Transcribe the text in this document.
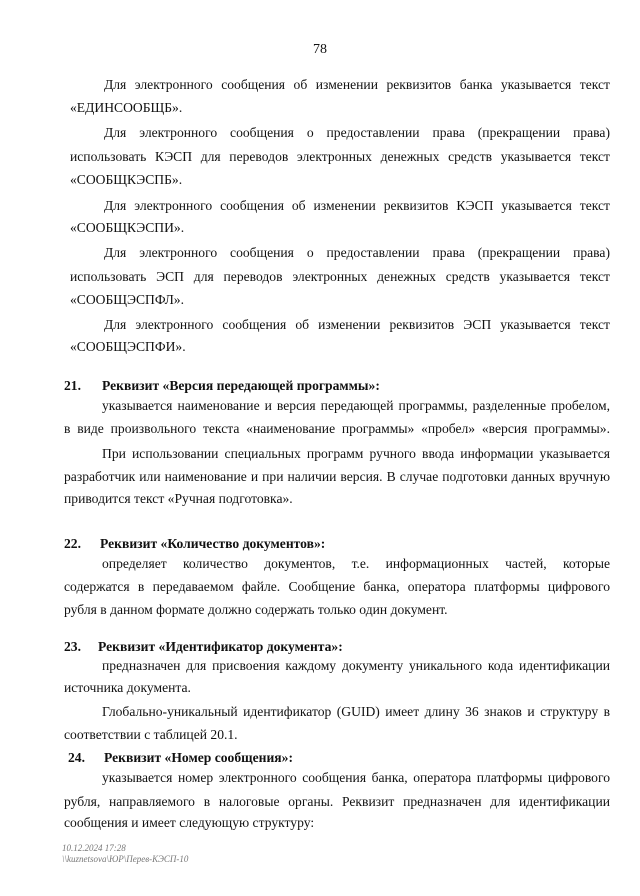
78
Для электронного сообщения об изменении реквизитов банка указывается текст
«ЕДИНСООБЩБ».
Для электронного сообщения о предоставлении права (прекращении права)
использовать КЭСП для переводов электронных денежных средств указывается текст
«СООБЩКЭСПБ».
Для электронного сообщения об изменении реквизитов КЭСП указывается текст
«СООБЩКЭСПИ».
Для электронного сообщения о предоставлении права (прекращении права)
использовать ЭСП для переводов электронных денежных средств указывается текст
«СООБЩЭСПФЛ».
Для электронного сообщения об изменении реквизитов ЭСП указывается текст
«СООБЩЭСПФИ».
21. Реквизит «Версия передающей программы»:
указывается наименование и версия передающей программы, разделенные пробелом,
в виде произвольного текста «наименование программы» «пробел» «версия программы».
При использовании специальных программ ручного ввода информации указывается
разработчик или наименование и при наличии версия. В случае подготовки данных вручную
приводится текст «Ручная подготовка».
22. Реквизит «Количество документов»:
определяет количество документов, т.е. информационных частей, которые
содержатся в передаваемом файле. Сообщение банка, оператора платформы цифрового
рубля в данном формате должно содержать только один документ.
23. Реквизит «Идентификатор документа»:
предназначен для присвоения каждому документу уникального кода идентификации
источника документа.
Глобально-уникальный идентификатор (GUID) имеет длину 36 знаков и структуру в
соответствии с таблицей 20.1.
24. Реквизит «Номер сообщения»:
указывается номер электронного сообщения банка, оператора платформы цифрового
рубля, направляемого в налоговые органы. Реквизит предназначен для идентификации
сообщения и имеет следующую структуру:
10.12.2024 17:28
\\kuznetsova\ЮР\Перев-КЭСП-10
